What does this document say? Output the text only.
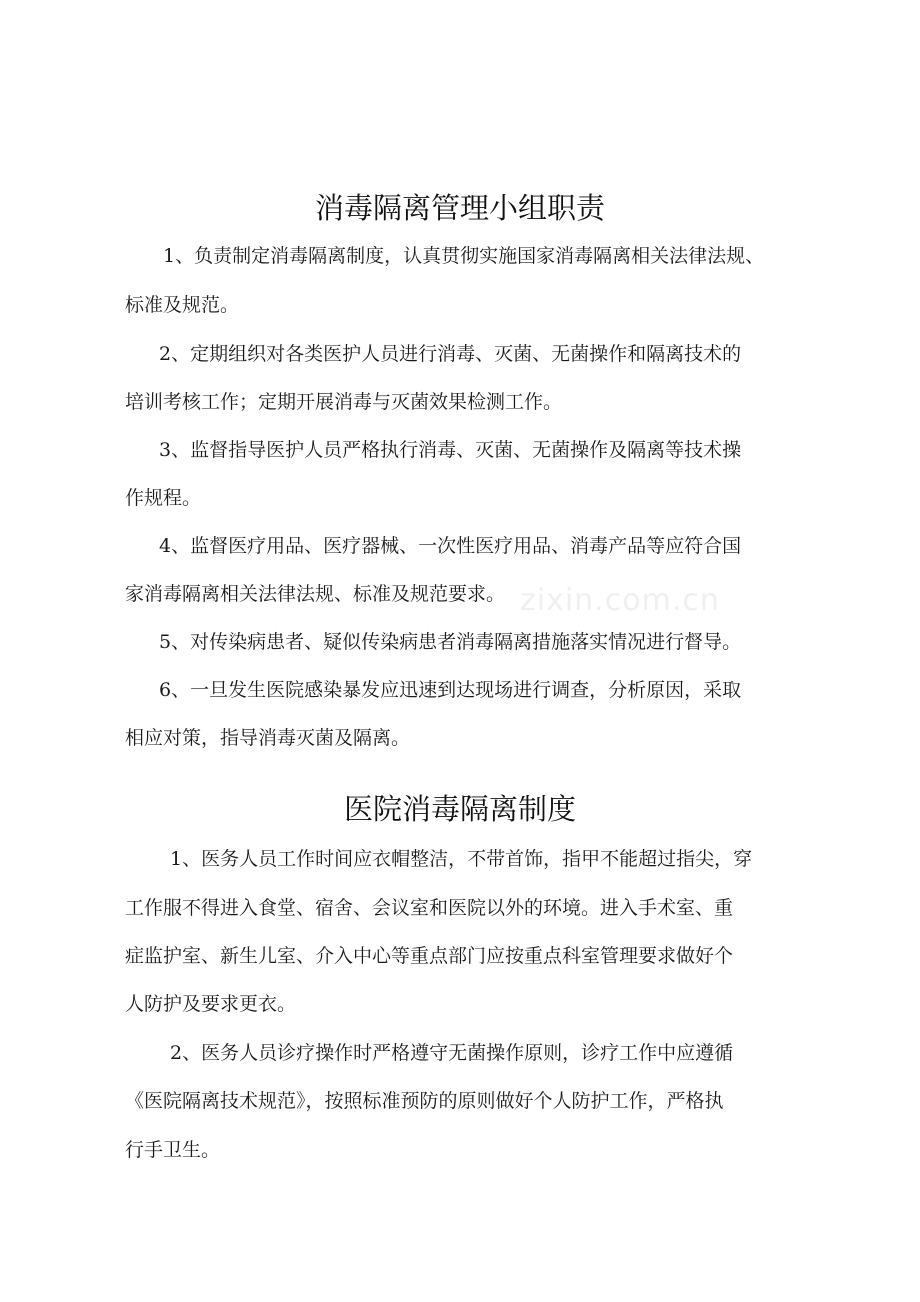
zixin.com.cn
消毒隔离管理小组职责
1、负责制定消毒隔离制度，认真贯彻实施国家消毒隔离相关法律法规、
标准及规范。
2、定期组织对各类医护人员进行消毒、灭菌、无菌操作和隔离技术的
培训考核工作；定期开展消毒与灭菌效果检测工作。
3、监督指导医护人员严格执行消毒、灭菌、无菌操作及隔离等技术操
作规程。
4、监督医疗用品、医疗器械、一次性医疗用品、消毒产品等应符合国
家消毒隔离相关法律法规、标准及规范要求。
5、对传染病患者、疑似传染病患者消毒隔离措施落实情况进行督导。
6、一旦发生医院感染暴发应迅速到达现场进行调查，分析原因，采取
相应对策，指导消毒灭菌及隔离。
医院消毒隔离制度
1、医务人员工作时间应衣帽整洁，不带首饰，指甲不能超过指尖，穿
工作服不得进入食堂、宿舍、会议室和医院以外的环境。进入手术室、重
症监护室、新生儿室、介入中心等重点部门应按重点科室管理要求做好个
人防护及要求更衣。
2、医务人员诊疗操作时严格遵守无菌操作原则，诊疗工作中应遵循
《医院隔离技术规范》，按照标准预防的原则做好个人防护工作，严格执
行手卫生。
